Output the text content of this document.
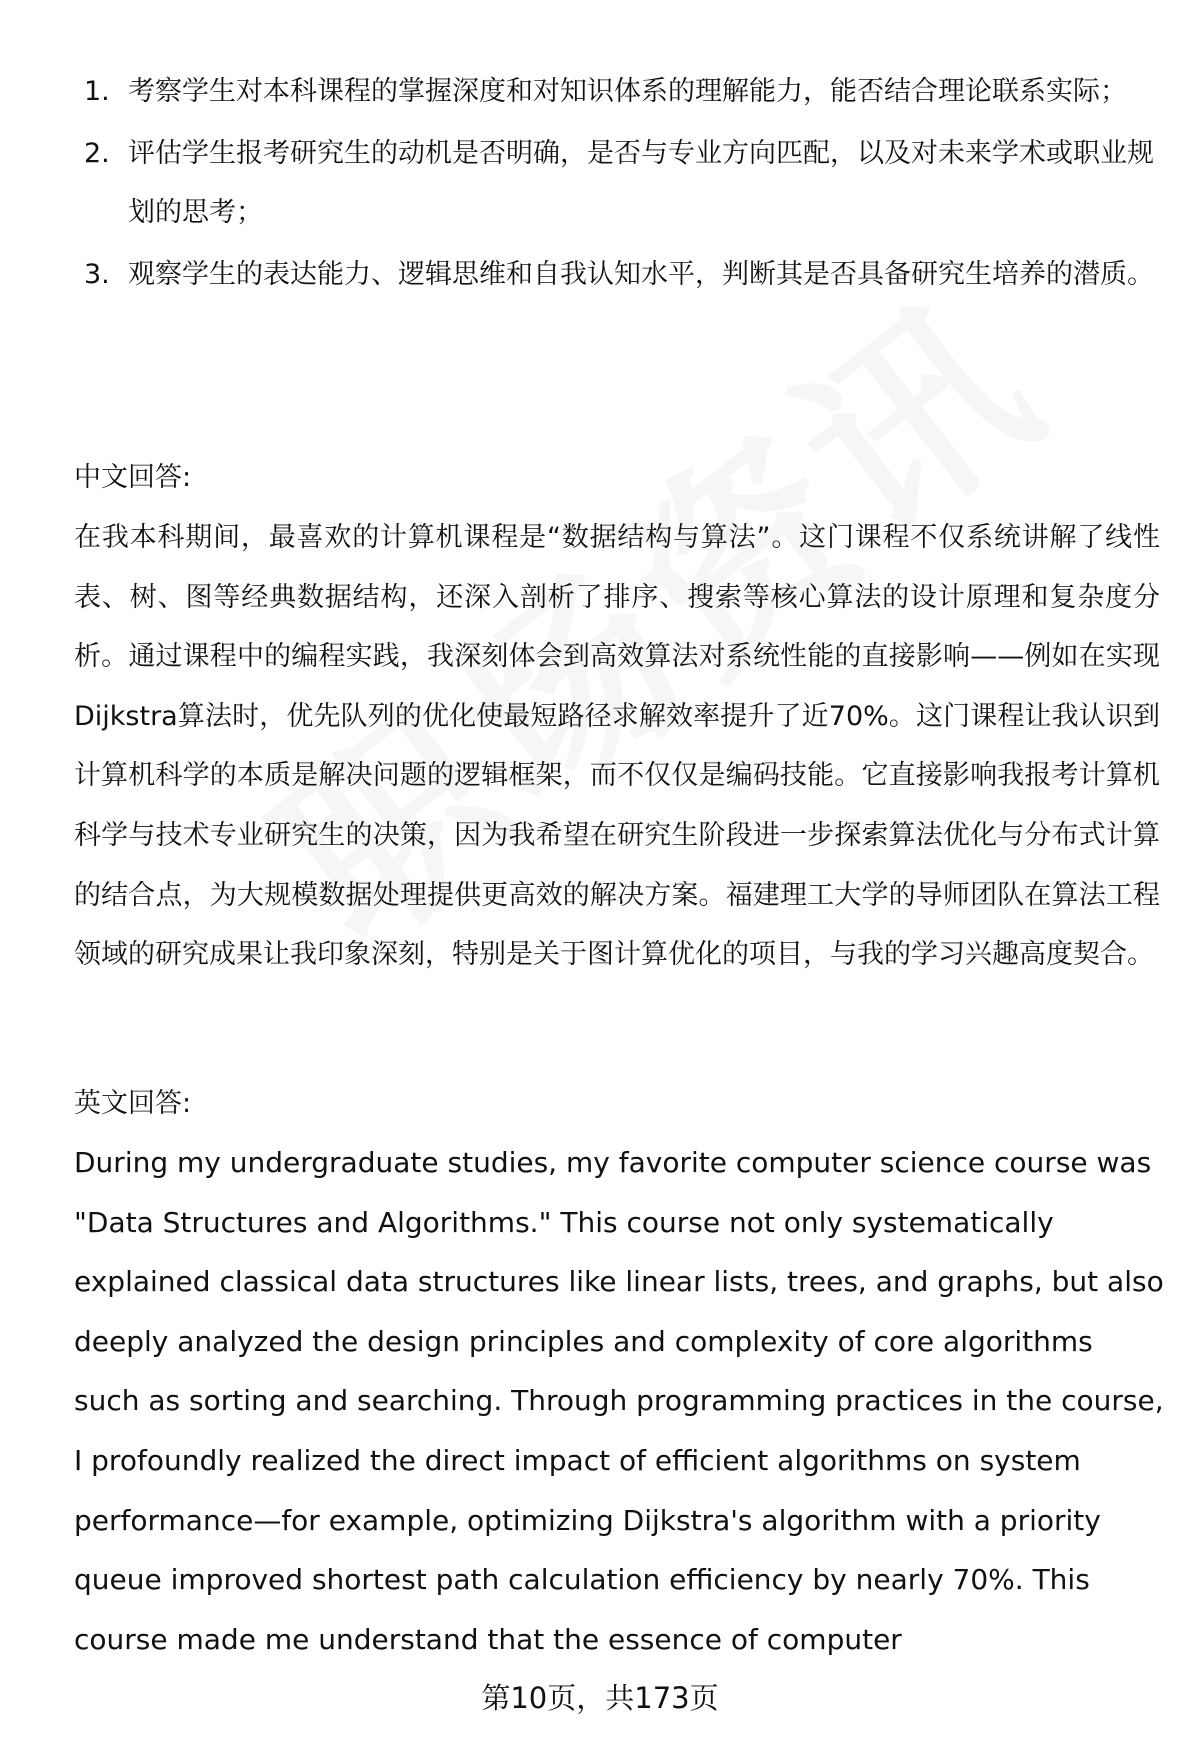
1. 考察学生对本科课程的掌握深度和对知识体系的理解能力，能否结合理论联系实际；
2. 评估学生报考研究生的动机是否明确，是否与专业方向匹配，以及对未来学术或职业规划的思考；
3. 观察学生的表达能力、逻辑思维和自我认知水平，判断其是否具备研究生培养的潜质。
中文回答:

在我本科期间，最喜欢的计算机课程是“数据结构与算法”。这门课程不仅系统讲解了线性表、树、图等经典数据结构，还深入剖析了排序、搜索等核心算法的设计原理和复杂度分析。通过课程中的编程实践，我深刻体会到高效算法对系统性能的直接影响——例如在实现Dijkstra算法时，优先队列的优化使最短路径求解效率提升了近70%。这门课程让我认识到计算机科学的本质是解决问题的逻辑框架，而不仅仅是编码技能。它直接影响我报考计算机科学与技术专业研究生的决策，因为我希望在研究生阶段进一步探索算法优化与分布式计算的结合点，为大规模数据处理提供更高效的解决方案。福建理工大学的导师团队在算法工程领域的研究成果让我印象深刻，特别是关于图计算优化的项目，与我的学习兴趣高度契合。

英文回答:

During my undergraduate studies, my favorite computer science course was "Data Structures and Algorithms." This course not only systematically explained classical data structures like linear lists, trees, and graphs, but also deeply analyzed the design principles and complexity of core algorithms such as sorting and searching. Through programming practices in the course, I profoundly realized the direct impact of efficient algorithms on system performance—for example, optimizing Dijkstra's algorithm with a priority queue improved shortest path calculation efficiency by nearly 70%. This course made me understand that the essence of computer

第10页，共173页
